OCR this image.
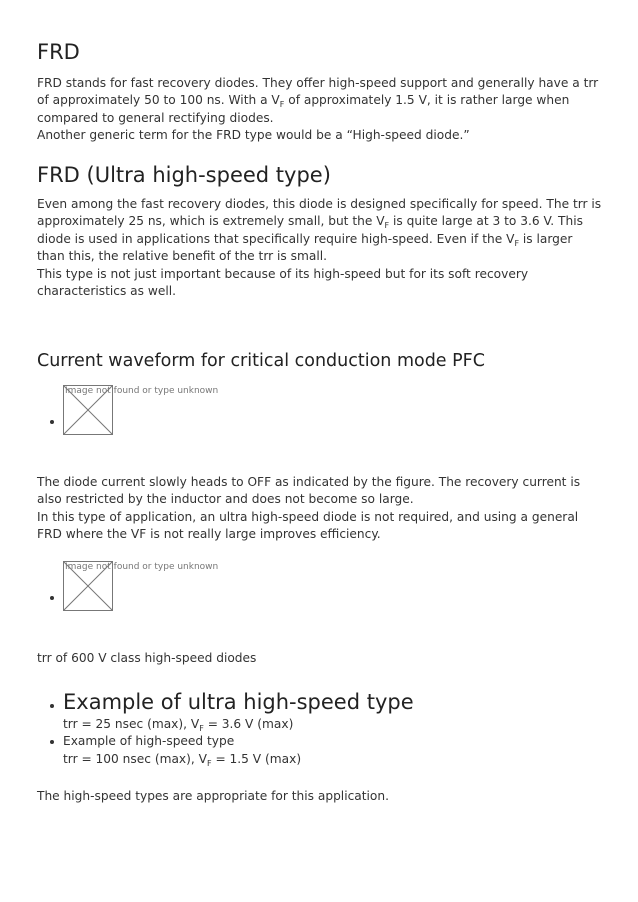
FRD
FRD stands for fast recovery diodes. They offer high-speed support and generally have a trr of approximately 50 to 100 ns. With a $V_F$ of approximately 1.5 V, it is rather large when compared to general rectifying diodes.
Another generic term for the FRD type would be a “High-speed diode.”
FRD (Ultra high-speed type)
Even among the fast recovery diodes, this diode is designed specifically for speed. The trr is approximately 25 ns, which is extremely small, but the $V_F$ is quite large at 3 to 3.6 V. This diode is used in applications that specifically require high-speed. Even if the $V_F$ is larger than this, the relative benefit of the trr is small.
This type is not just important because of its high-speed but for its soft recovery characteristics as well.
Current waveform for critical conduction mode PFC
Image not found or type unknown
The diode current slowly heads to OFF as indicated by the figure. The recovery current is also restricted by the inductor and does not become so large.
In this type of application, an ultra high-speed diode is not required, and using a general FRD where the VF is not really large improves efficiency.
Image not found or type unknown
trr of 600 V class high-speed diodes
Example of ultra high-speed type
trr = 25 nsec (max), $V_F = 3.6$ V (max)
Example of high-speed type
trr = 100 nsec (max), $V_F = 1.5$ V (max)
The high-speed types are appropriate for this application.
